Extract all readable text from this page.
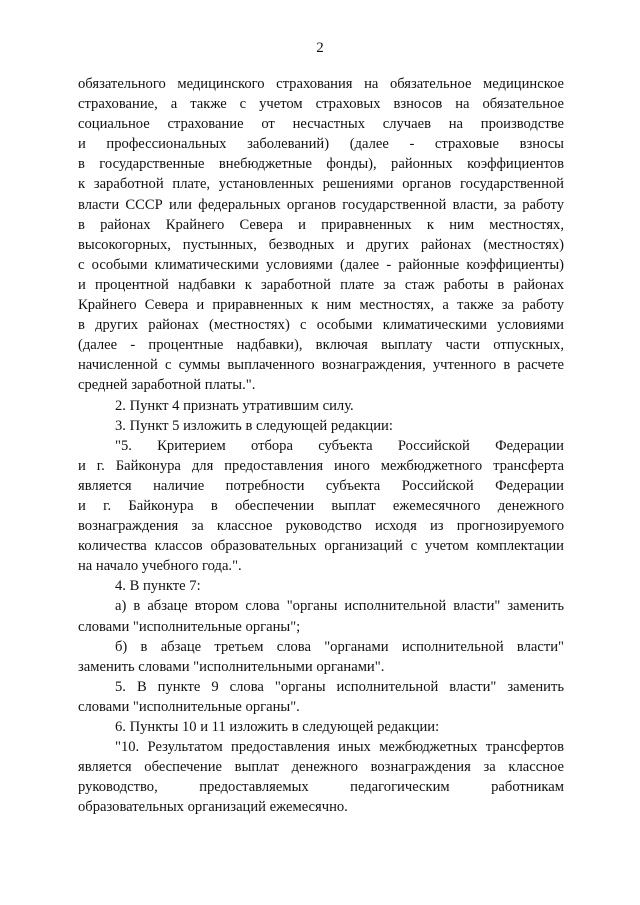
2
обязательного медицинского страхования на обязательное медицинское
страхование, а также с учетом страховых взносов на обязательное
социальное страхование от несчастных случаев на производстве
и профессиональных заболеваний) (далее - страховые взносы
в государственные внебюджетные фонды), районных коэффициентов
к заработной плате, установленных решениями органов государственной
власти СССР или федеральных органов государственной власти, за работу
в районах Крайнего Севера и приравненных к ним местностях,
высокогорных, пустынных, безводных и других районах (местностях)
с особыми климатическими условиями (далее - районные коэффициенты)
и процентной надбавки к заработной плате за стаж работы в районах
Крайнего Севера и приравненных к ним местностях, а также за работу
в других районах (местностях) с особыми климатическими условиями
(далее - процентные надбавки), включая выплату части отпускных,
начисленной с суммы выплаченного вознаграждения, учтенного в расчете
средней заработной платы.".
2. Пункт 4 признать утратившим силу.
3. Пункт 5 изложить в следующей редакции:
"5. Критерием отбора субъекта Российской Федерации
и г. Байконура для предоставления иного межбюджетного трансферта
является наличие потребности субъекта Российской Федерации
и г. Байконура в обеспечении выплат ежемесячного денежного
вознаграждения за классное руководство исходя из прогнозируемого
количества классов образовательных организаций с учетом комплектации
на начало учебного года.".
4. В пункте 7:
а) в абзаце втором слова "органы исполнительной власти" заменить
словами "исполнительные органы";
б) в абзаце третьем слова "органами исполнительной власти"
заменить словами "исполнительными органами".
5. В пункте 9 слова "органы исполнительной власти" заменить
словами "исполнительные органы".
6. Пункты 10 и 11 изложить в следующей редакции:
"10. Результатом предоставления иных межбюджетных трансфертов
является обеспечение выплат денежного вознаграждения за классное
руководство, предоставляемых педагогическим работникам
образовательных организаций ежемесячно.
